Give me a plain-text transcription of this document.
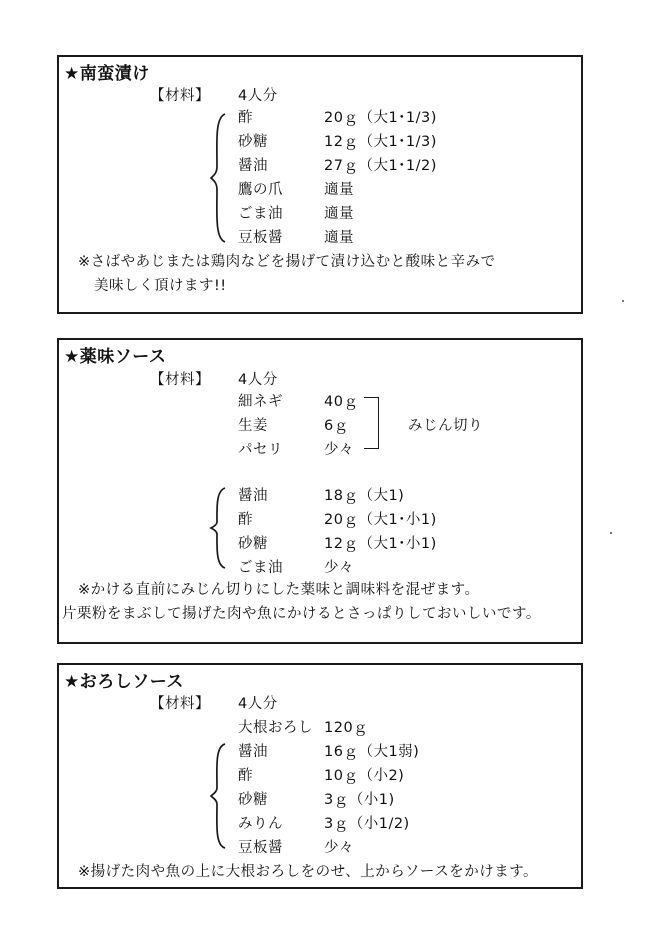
★南蛮漬け
【材料】 4人分
酢	20ｇ（大1･1/3)
砂糖	12ｇ（大1･1/3)
醤油	27ｇ（大1･1/2)
鷹の爪	適量
ごま油	適量
豆板醤	適量
※さばやあじまたは鶏肉などを揚げて漬け込むと酸味と辛みで
美味しく頂けます!!
★薬味ソース
【材料】 4人分
細ネギ	40ｇ
生姜	6ｇ
パセリ	少々
みじん切り
醤油	18ｇ（大1)
酢	20ｇ（大1･小1)
砂糖	12ｇ（大1･小1)
ごま油	少々
※かける直前にみじん切りにした薬味と調味料を混ぜます。
片栗粉をまぶして揚げた肉や魚にかけるとさっぱりしておいしいです。
★おろしソース
【材料】 4人分
大根おろし 120ｇ
醤油	16ｇ（大1弱)
酢	10ｇ（小2)
砂糖	3ｇ（小1)
みりん	3ｇ（小1/2)
豆板醤	少々
※揚げた肉や魚の上に大根おろしをのせ、上からソースをかけます。
